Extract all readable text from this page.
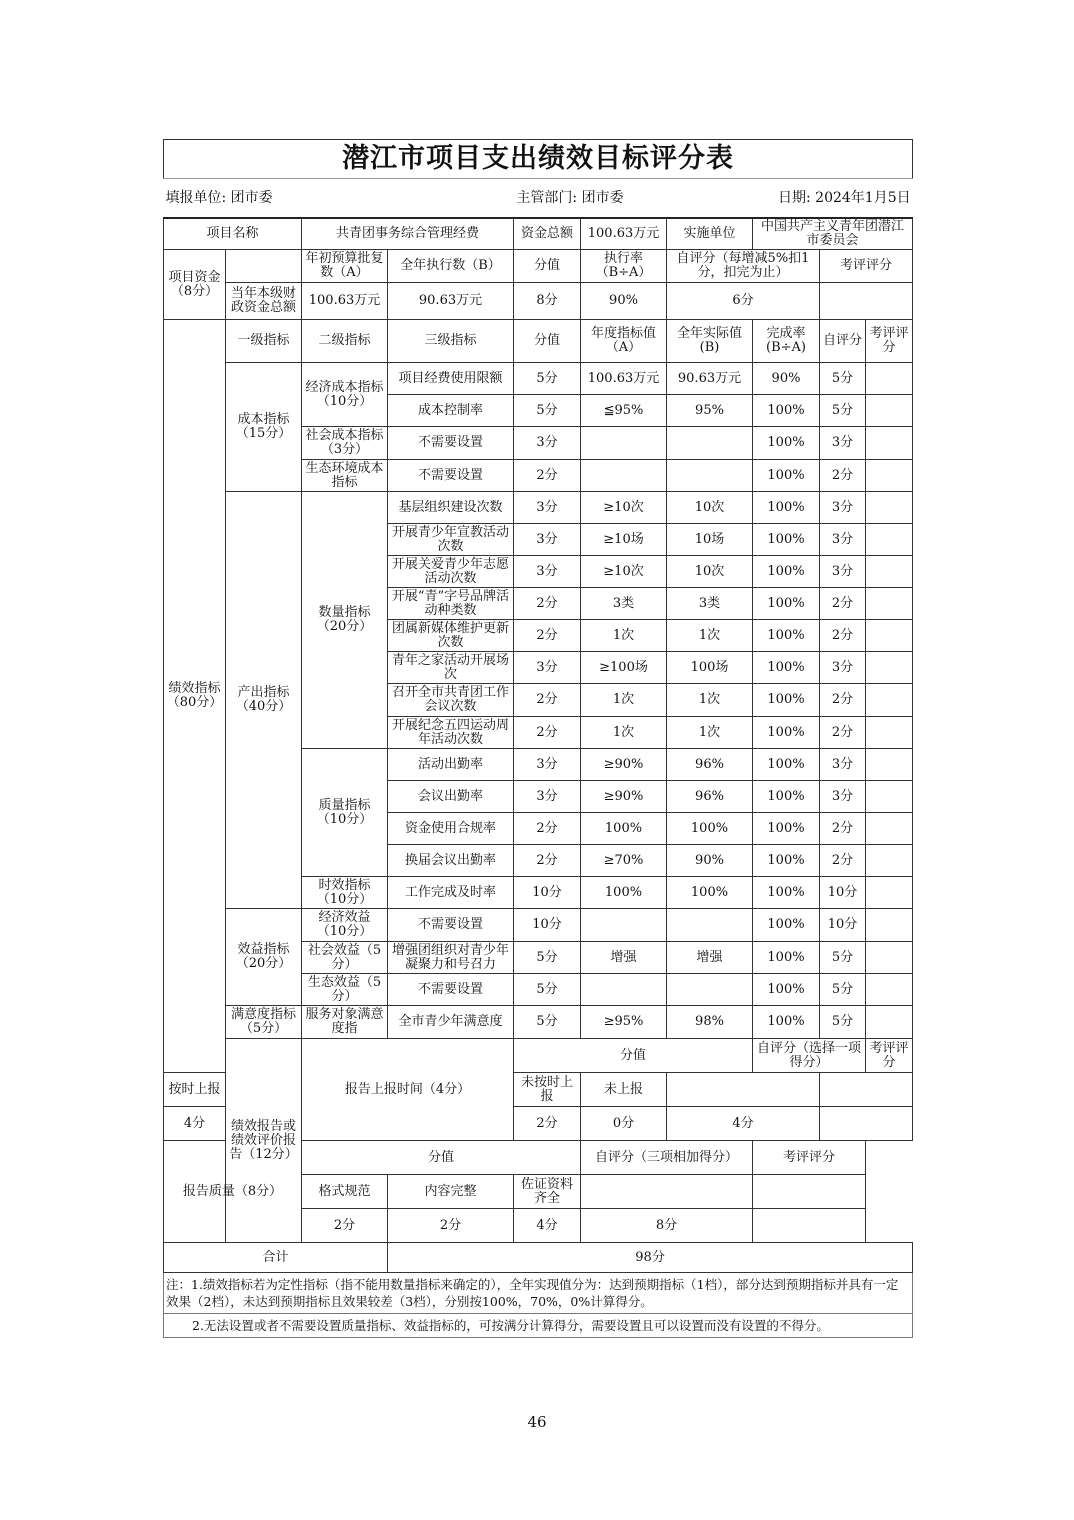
潜江市项目支出绩效目标评分表										
填报单位: 团市委			主管部门: 团市委				日期: 2024年1月5日			
项目名称		共青团事务综合管理经费		资金总额	100.63万元	实施单位	中国共产主义青年团潜江市委员会			
项目资金（8分）		年初预算批复数（A）	全年执行数（B）	分值	执行率（B÷A）	自评分（每增减5%扣1分，扣完为止）		考评评分		
	当年本级财政资金总额	100.63万元	90.63万元	8分	90%	6分				
绩效指标（80分）	一级指标	二级指标	三级指标	分值	年度指标值（A）	全年实际值(B)	完成率(B÷A)	自评分	考评评分	
	成本指标（15分）	经济成本指标（10分）	项目经费使用限额	5分	100.63万元	90.63万元	90%	5分		
			成本控制率	5分	≦95%	95%	100%	5分		
		社会成本指标（3分）	不需要设置	3分			100%	3分		
		生态环境成本指标	不需要设置	2分			100%	2分		
	产出指标（40分）	数量指标（20分）	基层组织建设次数	3分	≥10次	10次	100%	3分		
			开展青少年宣教活动次数	3分	≥10场	10场	100%	3分		
			开展关爱青少年志愿活动次数	3分	≥10次	10次	100%	3分		
			开展“青”字号品牌活动种类数	2分	3类	3类	100%	2分		
			团属新媒体维护更新次数	2分	1次	1次	100%	2分		
			青年之家活动开展场次	3分	≥100场	100场	100%	3分		
			召开全市共青团工作会议次数	2分	1次	1次	100%	2分		
			开展纪念五四运动周年活动次数	2分	1次	1次	100%	2分		
		质量指标（10分）	活动出勤率	3分	≥90%	96%	100%	3分		
			会议出勤率	3分	≥90%	96%	100%	3分		
			资金使用合规率	2分	100%	100%	100%	2分		
			换届会议出勤率	2分	≥70%	90%	100%	2分		
		时效指标（10分）	工作完成及时率	10分	100%	100%	100%	10分		
	效益指标（20分）	经济效益（10分）	不需要设置	10分			100%	10分		
		社会效益（5分）	增强团组织对青少年凝聚力和号召力	5分	增强	增强	100%	5分		
		生态效益（5分）	不需要设置	5分			100%	5分		
	满意度指标（5分）	服务对象满意度指	全市青少年满意度	5分	≥95%	98%	100%	5分		
	绩效报告或绩效评价报告（12分）	报告上报时间（4分）		分值			自评分（选择一项得分）		考评评分	
按时上报				未按时上报	未上报					
4分				2分	0分	4分				
报告质量（8分）		分值			自评分（三项相加得分）		考评评分			
		格式规范	内容完整	佐证资料齐全						
		2分	2分	4分	8分					
合计			98分							
注：1.绩效指标若为定性指标（指不能用数量指标来确定的），全年实现值分为：达到预期指标（1档），部分达到预期指标并具有一定效果（2档），未达到预期指标且效果较差（3档），分别按100%，70%，0%计算得分。										
2.无法设置或者不需要设置质量指标、效益指标的，可按满分计算得分，需要设置且可以设置而没有设置的不得分。										
46
